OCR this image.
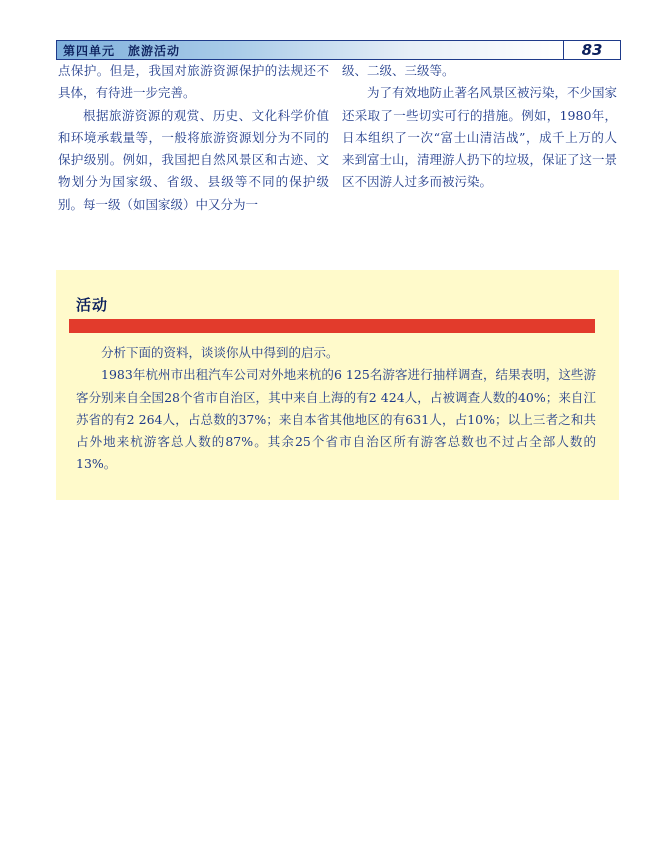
第四单元　旅游活动	83

点保护。但是，我国对旅游资源保护的法规还不具体，有待进一步完善。

根据旅游资源的观赏、历史、文化科学价值和环境承载量等，一般将旅游资源划分为不同的保护级别。例如，我国把自然风景区和古迹、文物划分为国家级、省级、县级等不同的保护级别。每一级（如国家级）中又分为一

级、二级、三级等。

为了有效地防止著名风景区被污染，不少国家还采取了一些切实可行的措施。例如，1980年，日本组织了一次“富士山清洁战”，成千上万的人来到富士山，清理游人扔下的垃圾，保证了这一景区不因游人过多而被污染。

活动

分析下面的资料，谈谈你从中得到的启示。

1983年杭州市出租汽车公司对外地来杭的6 125名游客进行抽样调查，结果表明，这些游客分别来自全国28个省市自治区，其中来自上海的有2 424人，占被调查人数的40%；来自江苏省的有2 264人，占总数的37%；来自本省其他地区的有631人，占10%；以上三者之和共占外地来杭游客总人数的87%。其余25个省市自治区所有游客总数也不过占全部人数的13%。
